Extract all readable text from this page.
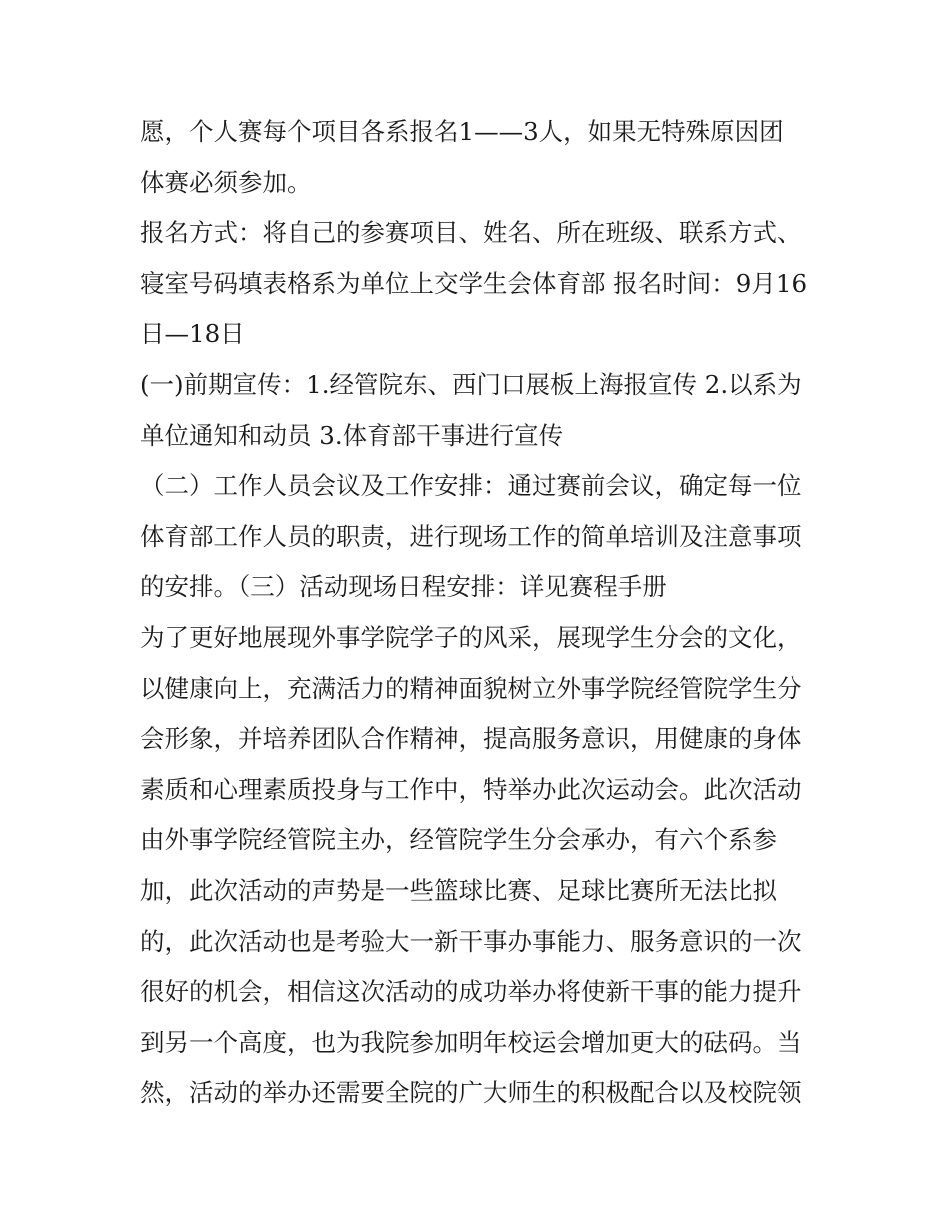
愿，个人赛每个项目各系报名1——3人，如果无特殊原因团
体赛必须参加。
报名方式：将自己的参赛项目、姓名、所在班级、联系方式、
寝室号码填表格系为单位上交学生会体育部 报名时间：9月16
日—18日
(一)前期宣传：1.经管院东、西门口展板上海报宣传 2.以系为
单位通知和动员 3.体育部干事进行宣传
（二）工作人员会议及工作安排：通过赛前会议，确定每一位
体育部工作人员的职责，进行现场工作的简单培训及注意事项
的安排。（三）活动现场日程安排：详见赛程手册
为了更好地展现外事学院学子的风采，展现学生分会的文化，
以健康向上，充满活力的精神面貌树立外事学院经管院学生分
会形象，并培养团队合作精神，提高服务意识，用健康的身体
素质和心理素质投身与工作中，特举办此次运动会。此次活动
由外事学院经管院主办，经管院学生分会承办，有六个系参
加，此次活动的声势是一些篮球比赛、足球比赛所无法比拟
的，此次活动也是考验大一新干事办事能力、服务意识的一次
很好的机会，相信这次活动的成功举办将使新干事的能力提升
到另一个高度，也为我院参加明年校运会增加更大的砝码。当
然，活动的举办还需要全院的广大师生的积极配合以及校院领
